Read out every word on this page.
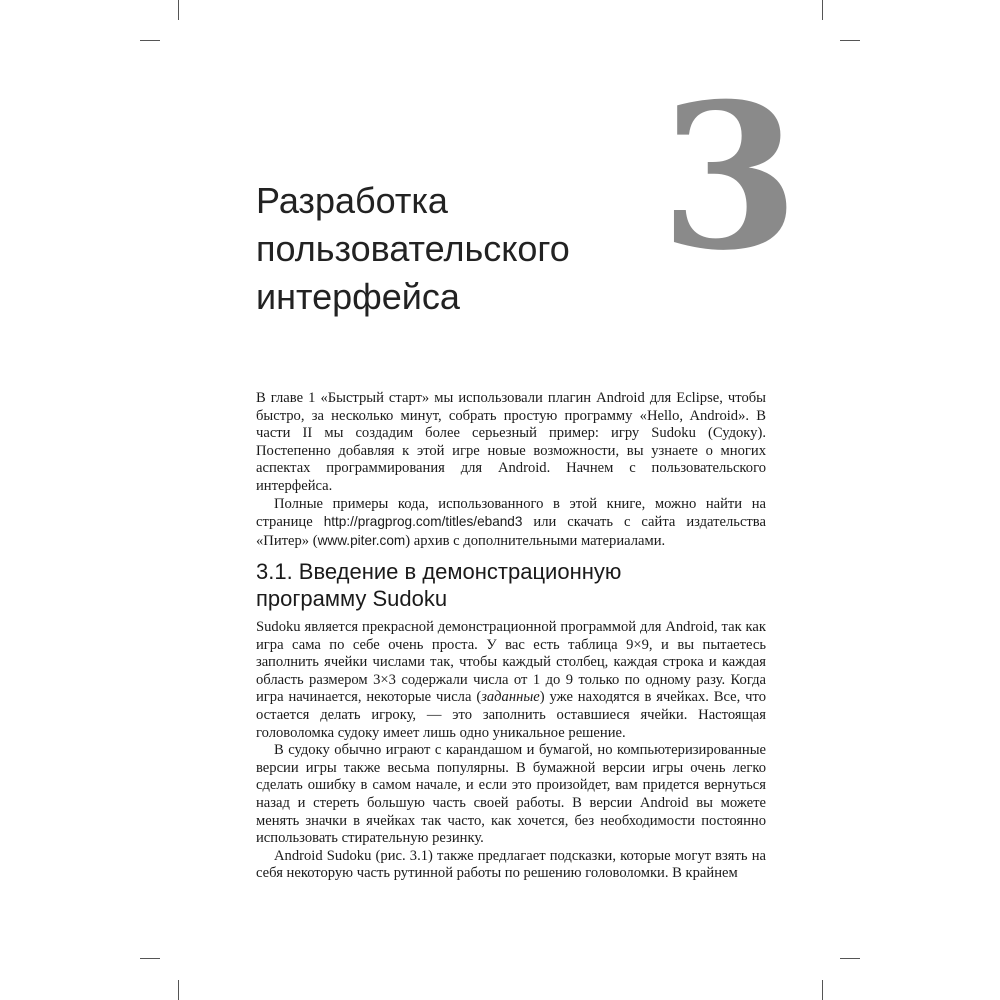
3
Разработка
пользовательского
интерфейса

В главе 1 «Быстрый старт» мы использовали плагин Android для Eclipse, чтобы быстро, за несколько минут, собрать простую программу «Hello, Android». В части II мы создадим более серьезный пример: игру Sudoku (Судоку). Постепенно добавляя к этой игре новые возможности, вы узнаете о многих аспектах программирования для Android. Начнем с пользовательского интерфейса.

Полные примеры кода, использованного в этой книге, можно найти на странице http://pragprog.com/titles/eband3 или скачать с сайта издательства «Питер» (www.piter.com) архив с дополнительными материалами.

3.1. Введение в демонстрационную
программу Sudoku

Sudoku является прекрасной демонстрационной программой для Android, так как игра сама по себе очень проста. У вас есть таблица 9×9, и вы пытаетесь заполнить ячейки числами так, чтобы каждый столбец, каждая строка и каждая область размером 3×3 содержали числа от 1 до 9 только по одному разу. Когда игра начинается, некоторые числа (заданные) уже находятся в ячейках. Все, что остается делать игроку, — это заполнить оставшиеся ячейки. Настоящая головоломка судоку имеет лишь одно уникальное решение.

В судоку обычно играют с карандашом и бумагой, но компьютеризированные версии игры также весьма популярны. В бумажной версии игры очень легко сделать ошибку в самом начале, и если это произойдет, вам придется вернуться назад и стереть большую часть своей работы. В версии Android вы можете менять значки в ячейках так часто, как хочется, без необходимости постоянно использовать стирательную резинку.

Android Sudoku (рис. 3.1) также предлагает подсказки, которые могут взять на себя некоторую часть рутинной работы по решению головоломки. В крайнем
